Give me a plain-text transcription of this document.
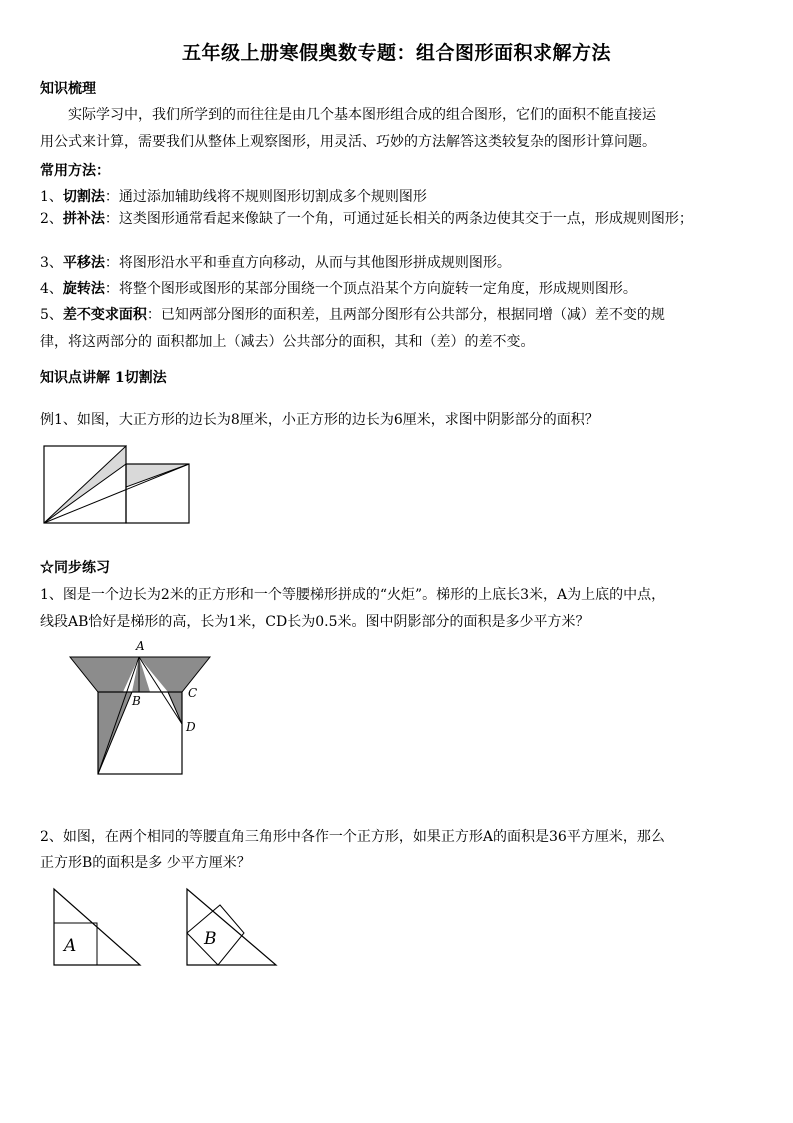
五年级上册寒假奥数专题：组合图形面积求解方法
知识梳理
实际学习中，我们所学到的而往往是由几个基本图形组合成的组合图形，它们的面积不能直接运
用公式来计算，需要我们从整体上观察图形，用灵活、巧妙的方法解答这类较复杂的图形计算问题。
常用方法：
1、切割法：通过添加辅助线将不规则图形切割成多个规则图形
2、拼补法：这类图形通常看起来像缺了一个角，可通过延长相关的两条边使其交于一点，形成规则图形；
3、平移法：将图形沿水平和垂直方向移动，从而与其他图形拼成规则图形。
4、旋转法：将整个图形或图形的某部分围绕一个顶点沿某个方向旋转一定角度，形成规则图形。
5、差不变求面积：已知两部分图形的面积差，且两部分图形有公共部分，根据同增（减）差不变的规
律，将这两部分的 面积都加上（减去）公共部分的面积，其和（差）的差不变。
知识点讲解 1切割法
例1、如图，大正方形的边长为8厘米，小正方形的边长为6厘米，求图中阴影部分的面积？
☆同步练习
1、图是一个边长为2米的正方形和一个等腰梯形拼成的“火炬”。梯形的上底长3米，A为上底的中点，
线段AB恰好是梯形的高，长为1米，CD长为0.5米。图中阴影部分的面积是多少平方米？
A
B
C
D
2、如图，在两个相同的等腰直角三角形中各作一个正方形，如果正方形A的面积是36平方厘米，那么
正方形B的面积是多 少平方厘米？
A	B
